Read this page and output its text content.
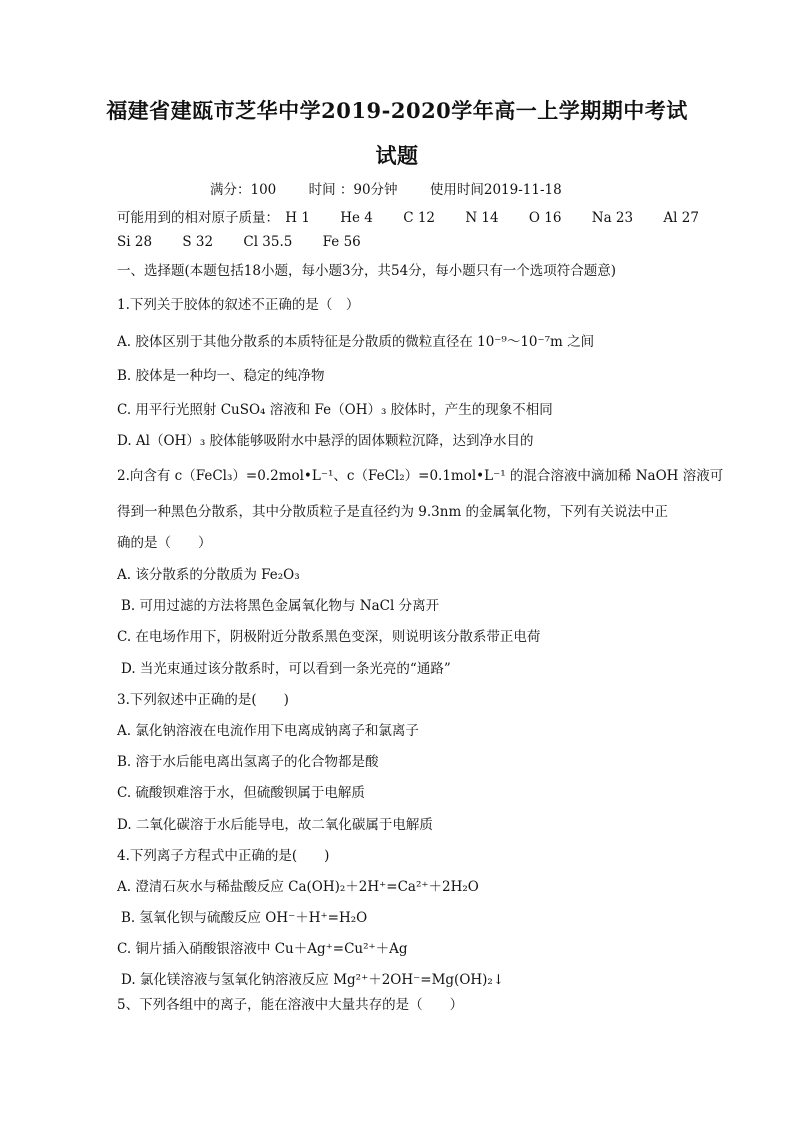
福建省建瓯市芝华中学2019-2020学年高一上学期期中考试
试题
满分：100 时间 ：90分钟 使用时间2019-11-18
可能用到的相对原子质量： H 1 He 4 C 12 N 14 O 16 Na 23 Al 27
Si 28 S 32 Cl 35.5 Fe 56
一、选择题(本题包括18小题，每小题3分，共54分，每小题只有一个选项符合题意)
1.下列关于胶体的叙述不正确的是（　）
A. 胶体区别于其他分散系的本质特征是分散质的微粒直径在 10⁻⁹～10⁻⁷m 之间
B. 胶体是一种均一、稳定的纯净物
C. 用平行光照射 CuSO₄ 溶液和 Fe（OH）₃ 胶体时，产生的现象不相同
D. Al（OH）₃ 胶体能够吸附水中悬浮的固体颗粒沉降，达到净水目的
2.向含有 c（FeCl₃）=0.2mol•L⁻¹、c（FeCl₂）=0.1mol•L⁻¹ 的混合溶液中滴加稀 NaOH 溶液可
得到一种黑色分散系，其中分散质粒子是直径约为 9.3nm 的金属氧化物，下列有关说法中正
确的是（　　）
A. 该分散系的分散质为 Fe₂O₃
B. 可用过滤的方法将黑色金属氧化物与 NaCl 分离开
C. 在电场作用下，阴极附近分散系黑色变深，则说明该分散系带正电荷
D. 当光束通过该分散系时，可以看到一条光亮的“通路”
3.下列叙述中正确的是(　　)
A. 氯化钠溶液在电流作用下电离成钠离子和氯离子
B. 溶于水后能电离出氢离子的化合物都是酸
C. 硫酸钡难溶于水，但硫酸钡属于电解质
D. 二氧化碳溶于水后能导电，故二氧化碳属于电解质
4.下列离子方程式中正确的是(　　)
A. 澄清石灰水与稀盐酸反应 Ca(OH)₂＋2H⁺=Ca²⁺＋2H₂O
B. 氢氧化钡与硫酸反应 OH⁻＋H⁺=H₂O
C. 铜片插入硝酸银溶液中 Cu＋Ag⁺=Cu²⁺＋Ag
D. 氯化镁溶液与氢氧化钠溶液反应 Mg²⁺＋2OH⁻=Mg(OH)₂↓
5、下列各组中的离子，能在溶液中大量共存的是（　　）
